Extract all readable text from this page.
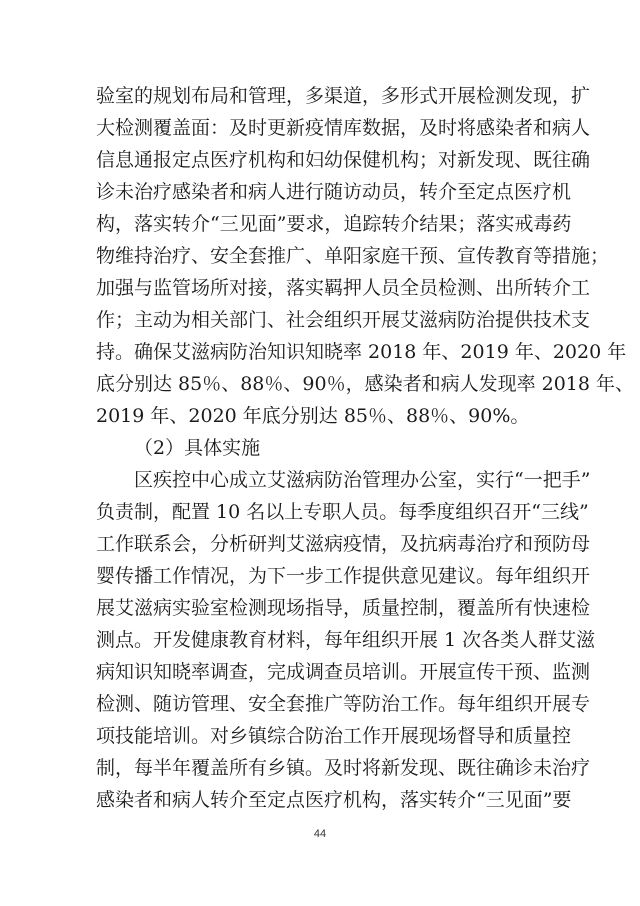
验室的规划布局和管理，多渠道，多形式开展检测发现，扩
大检测覆盖面：及时更新疫情库数据，及时将感染者和病人
信息通报定点医疗机构和妇幼保健机构；对新发现、既往确
诊未治疗感染者和病人进行随访动员，转介至定点医疗机
构，落实转介“三见面”要求，追踪转介结果；落实戒毒药
物维持治疗、安全套推广、单阳家庭干预、宣传教育等措施；
加强与监管场所对接，落实羁押人员全员检测、出所转介工
作；主动为相关部门、社会组织开展艾滋病防治提供技术支
持。确保艾滋病防治知识知晓率 2018 年、2019 年、2020 年
底分别达 85％、88％、90％，感染者和病人发现率 2018 年、
2019 年、2020 年底分别达 85％、88％、90%。
（2）具体实施
区疾控中心成立艾滋病防治管理办公室，实行“一把手”
负责制，配置 10 名以上专职人员。每季度组织召开“三线”
工作联系会，分析研判艾滋病疫情，及抗病毒治疗和预防母
婴传播工作情况，为下一步工作提供意见建议。每年组织开
展艾滋病实验室检测现场指导，质量控制，覆盖所有快速检
测点。开发健康教育材料，每年组织开展 1 次各类人群艾滋
病知识知晓率调查，完成调查员培训。开展宣传干预、监测
检测、随访管理、安全套推广等防治工作。每年组织开展专
项技能培训。对乡镇综合防治工作开展现场督导和质量控
制，每半年覆盖所有乡镇。及时将新发现、既往确诊未治疗
感染者和病人转介至定点医疗机构，落实转介“三见面”要
44
